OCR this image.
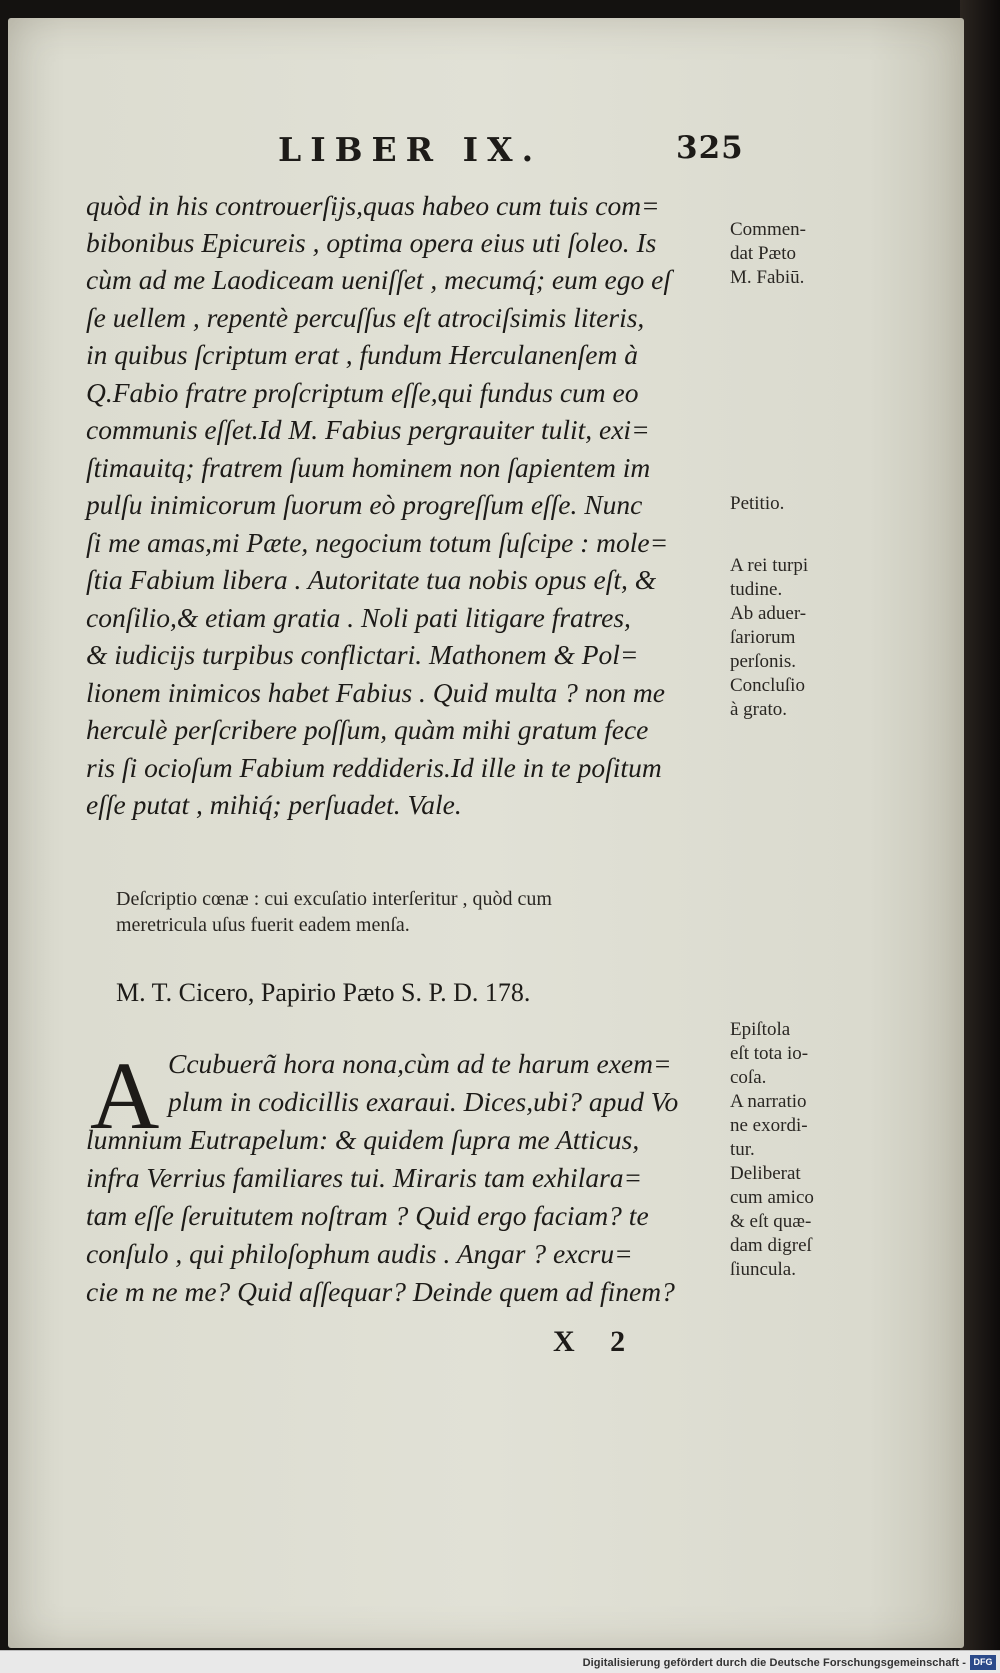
LIBER IX.	325
quòd in his controuerſijs,quas habeo cum tuis com=
bibonibus Epicureis , optima opera eius uti ſoleo. Is
cùm ad me Laodiceam ueniſſet , mecumq́; eum ego eſ
ſe uellem , repentè percuſſus eſt atrociſsimis literis,
in quibus ſcriptum erat , fundum Herculanenſem à
Q.Fabio fratre proſcriptum eſſe,qui fundus cum eo
communis eſſet.Id M. Fabius pergrauiter tulit, exi=
ſtimauitq; fratrem ſuum hominem non ſapientem im
pulſu inimicorum ſuorum eò progreſſum eſſe. Nunc
ſi me amas,mi Pæte, negocium totum ſuſcipe : mole=
ſtia Fabium libera . Autoritate tua nobis opus eſt, &
conſilio,& etiam gratia . Noli pati litigare fratres,
& iudicijs turpibus conflictari. Mathonem & Pol=
lionem inimicos habet Fabius . Quid multa ? non me
herculè perſcribere poſſum, quàm mihi gratum fece
ris ſi ocioſum Fabium reddideris.Id ille in te poſitum
eſſe putat , mihiq́; perſuadet. Vale.
Commen-
dat Pæto
M. Fabiū.
Petitio.
A rei turpi
tudine.
Ab aduer-
ſariorum
perſonis.
Concluſio
à grato.
Deſcriptio cœnæ : cui excuſatio interſeritur , quòd cum
meretricula uſus fuerit eadem menſa.
M. T. Cicero, Papirio Pæto S. P. D. 178.
A Ccubuerã hora nona,cùm ad te harum exem=
plum in codicillis exaraui. Dices,ubi? apud Vo
lumnium Eutrapelum: & quidem ſupra me Atticus,
infra Verrius familiares tui. Miraris tam exhilara=
tam eſſe ſeruitutem noſtram ? Quid ergo faciam? te
conſulo , qui philoſophum audis . Angar ? excru=
cie m ne me? Quid aſſequar? Deinde quem ad finem?
Epiſtola
eſt tota io-
coſa.
A narratio
ne exordi-
tur.
Deliberat
cum amico
& eſt quæ-
dam digreſ
ſiuncula.
X 2
Digitalisierung gefördert durch die Deutsche Forschungsgemeinschaft - DFG
